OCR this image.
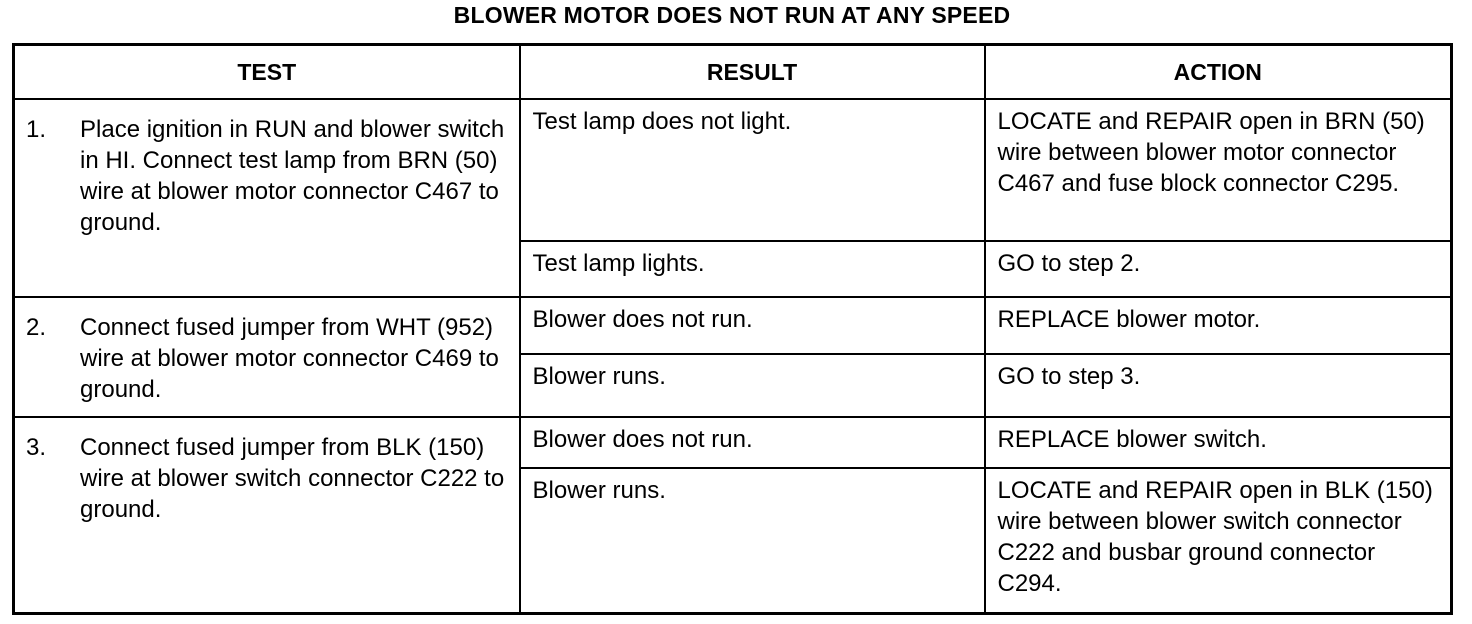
BLOWER MOTOR DOES NOT RUN AT ANY SPEED
TEST	RESULT	ACTION

1. Place ignition in RUN and blower switch in HI. Connect test lamp from BRN (50) wire at blower motor connector C467 to ground.	Test lamp does not light.	LOCATE and REPAIR open in BRN (50) wire between blower motor connector C467 and fuse block connector C295.
	Test lamp lights.	GO to step 2.

2. Connect fused jumper from WHT (952) wire at blower motor connector C469 to ground.	Blower does not run.	REPLACE blower motor.
	Blower runs.	GO to step 3.

3. Connect fused jumper from BLK (150) wire at blower switch connector C222 to ground.	Blower does not run.	REPLACE blower switch.
	Blower runs.	LOCATE and REPAIR open in BLK (150) wire between blower switch connector C222 and busbar ground connector C294.
